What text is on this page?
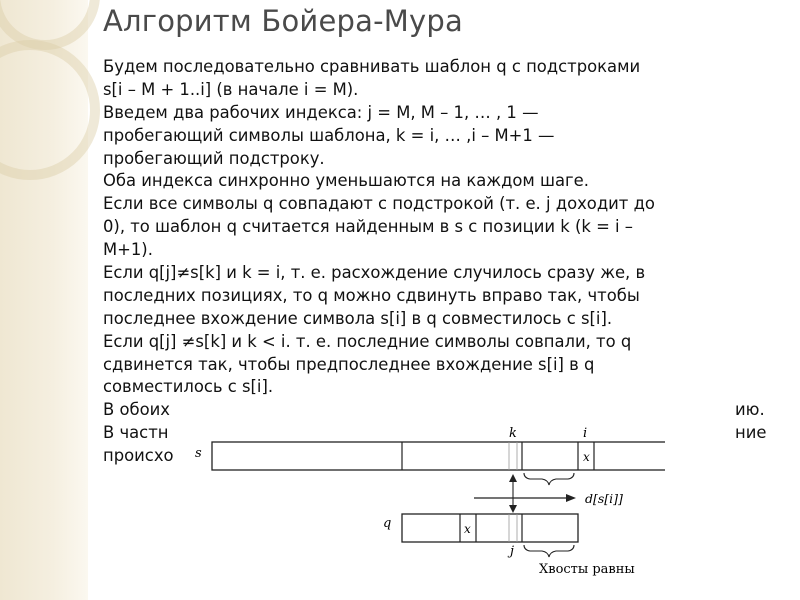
Алгоритм Бойера-Мура
Будем последовательно сравнивать шаблон q с подстроками
s[i – M + 1..i] (в начале i = M).
Введем два рабочих индекса: j = M, M – 1, … , 1 —
пробегающий символы шаблона, k = i, … ,i – M+1 —
пробегающий подстроку.
Оба индекса синхронно уменьшаются на каждом шаге.
Если все символы q совпадают с подстрокой (т. е. j доходит до
0), то шаблон q считается найденным в s с позиции k (k = i –
M+1).
Если q[j]≠s[k] и k = i, т. е. расхождение случилось сразу же, в
последних позициях, то q можно сдвинуть вправо так, чтобы
последнее вхождение символа s[i] в q совместилось с s[i].
Если q[j] ≠s[k] и k < i. т. е. последние символы совпали, то q
сдвинется так, чтобы предпоследнее вхождение s[i] в q
совместилось с s[i].
В обоих	ию.
В частн	ние
происхо	s	x
k	i
d[s[i]]
q	x
j
Хвосты равны
